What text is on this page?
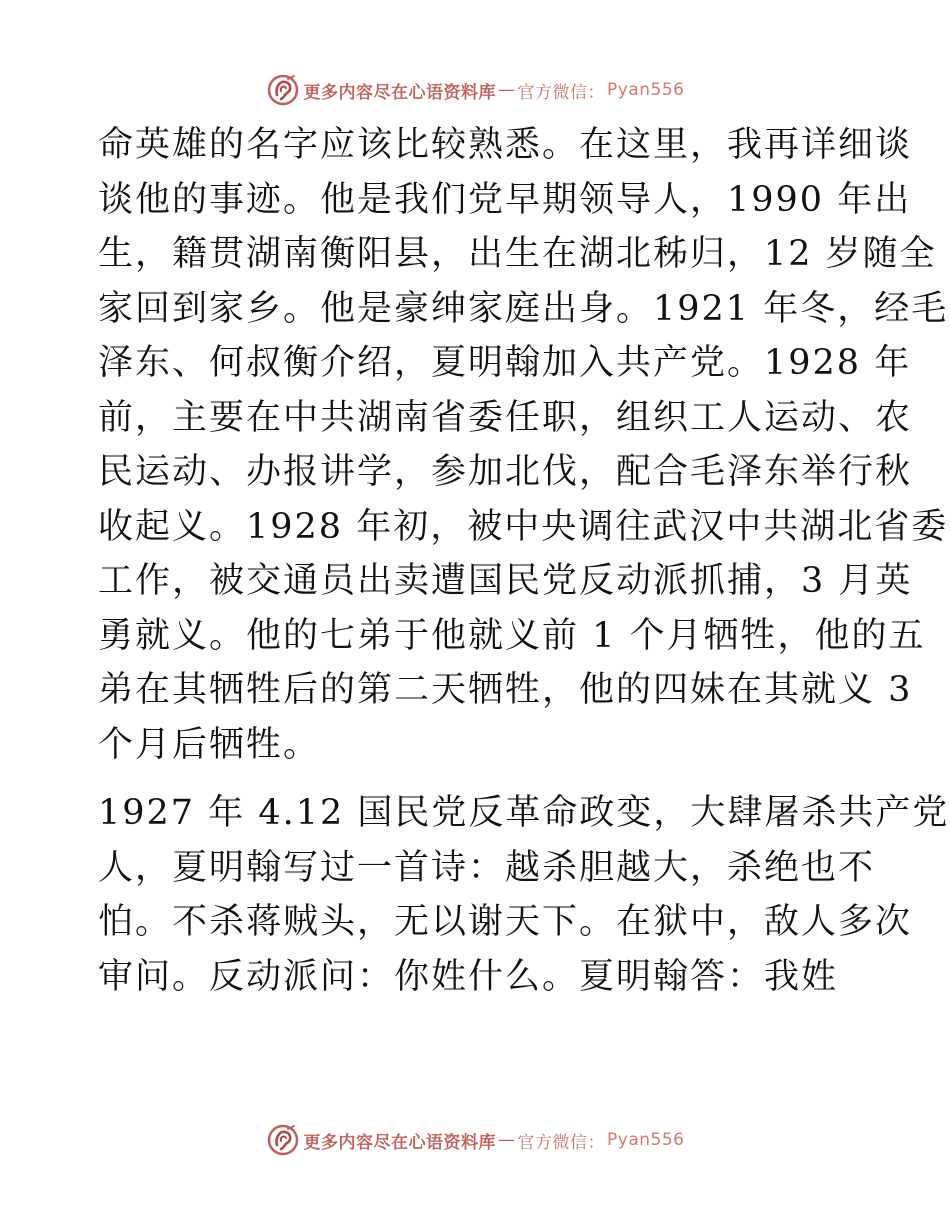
更多内容尽在心语资料库 — 官方微信： Pyan556

命英雄的名字应该比较熟悉。在这里，我再详细谈

谈他的事迹。他是我们党早期领导人，1990 年出

生，籍贯湖南衡阳县，出生在湖北秭归，12 岁随全

家回到家乡。他是豪绅家庭出身。1921 年冬，经毛

泽东、何叔衡介绍，夏明翰加入共产党。1928 年

前，主要在中共湖南省委任职，组织工人运动、农

民运动、办报讲学，参加北伐，配合毛泽东举行秋

收起义。1928 年初，被中央调往武汉中共湖北省委

工作，被交通员出卖遭国民党反动派抓捕，3 月英

勇就义。他的七弟于他就义前 1 个月牺牲，他的五

弟在其牺牲后的第二天牺牲，他的四妹在其就义 3

个月后牺牲。

1927 年 4.12 国民党反革命政变，大肆屠杀共产党

人，夏明翰写过一首诗：越杀胆越大，杀绝也不

怕。不杀蒋贼头，无以谢天下。在狱中，敌人多次

审问。反动派问：你姓什么。夏明翰答：我姓

更多内容尽在心语资料库 — 官方微信： Pyan556
